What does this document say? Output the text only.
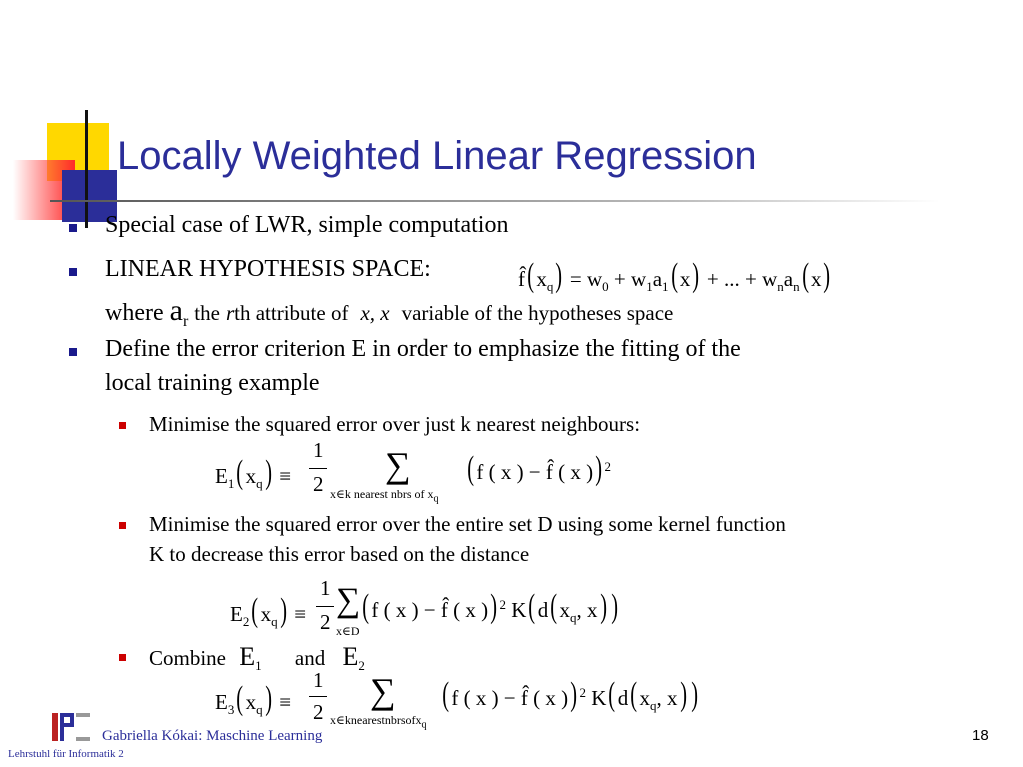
Locally Weighted Linear Regression
Special case of LWR, simple computation
LINEAR HYPOTHESIS SPACE:	f̂( $x_q) = w_0 + w_1a_1$( x) + ... + $w_na_n$( x)
where $a_r$ the rth attribute of x, x variable of the hypotheses space
Define the error criterion E in order to emphasize the fitting of the
local training example
Minimise the squared error over just k nearest neighbours:
$E_1$( $x_q$) ≡
1
2 ∑
x∈k nearest nbrs of $x_q$
( f ( x ) − f̂ ( x )) $^2$
Minimise the squared error over the entire set D using some kernel function
K to decrease this error based on the distance
$E_2$( $x_q$) ≡
1
2
∑
x∈D
( f ( x ) − f̂ ( x )) $^2$ K( d( $x_q$, x) )
Combine $E_1$ and $E_2$
$E_3$( $x_q$) ≡
1
2
∑
x∈knearestnbrsofx$_q$
( f ( x ) − f̂ ( x )) $^2$ K( d( $x_q$, x) )
Gabriella Kókai: Maschine Learning
Lehrstuhl für Informatik 2
18
